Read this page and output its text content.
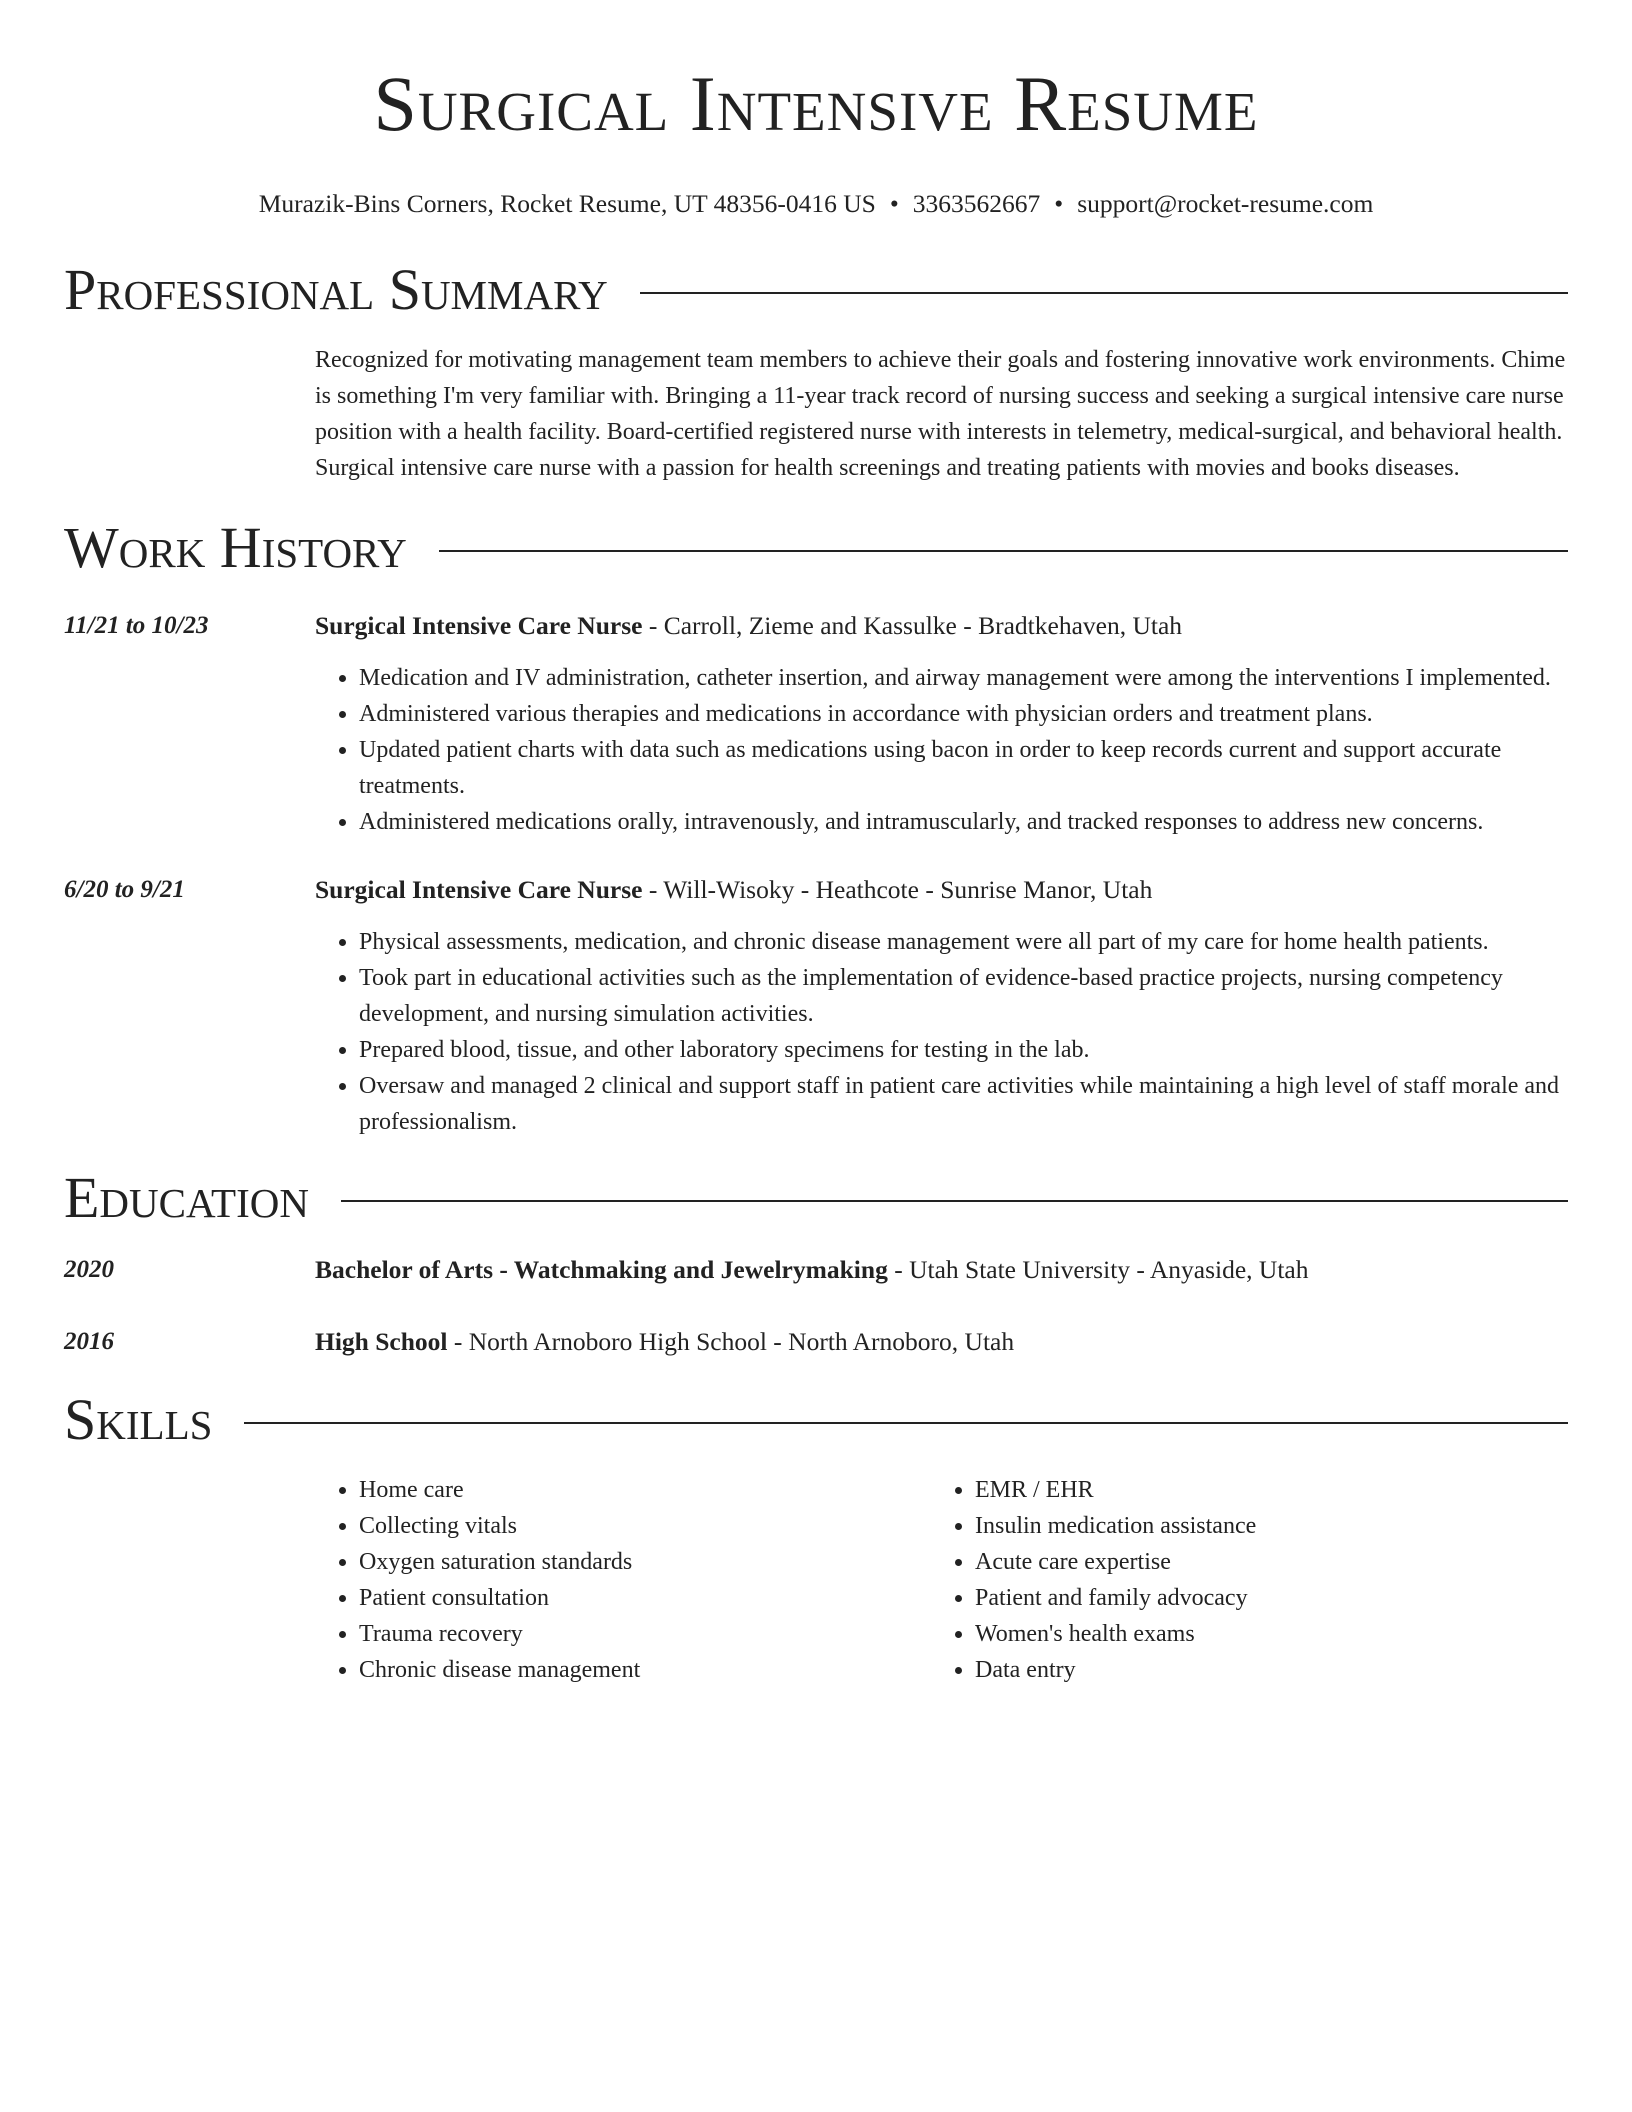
Surgical Intensive Resume
Murazik-Bins Corners, Rocket Resume, UT 48356-0416 US • 3363562667 • support@rocket-resume.com
Professional Summary
Recognized for motivating management team members to achieve their goals and fostering innovative work environments. Chime is something I'm very familiar with. Bringing a 11-year track record of nursing success and seeking a surgical intensive care nurse position with a health facility. Board-certified registered nurse with interests in telemetry, medical-surgical, and behavioral health. Surgical intensive care nurse with a passion for health screenings and treating patients with movies and books diseases.
Work History
11/21 to 10/23	Surgical Intensive Care Nurse - Carroll, Zieme and Kassulke - Bradtkehaven, Utah
• Medication and IV administration, catheter insertion, and airway management were among the interventions I implemented.
• Administered various therapies and medications in accordance with physician orders and treatment plans.
• Updated patient charts with data such as medications using bacon in order to keep records current and support accurate treatments.
• Administered medications orally, intravenously, and intramuscularly, and tracked responses to address new concerns.
6/20 to 9/21	Surgical Intensive Care Nurse - Will-Wisoky - Heathcote - Sunrise Manor, Utah
• Physical assessments, medication, and chronic disease management were all part of my care for home health patients.
• Took part in educational activities such as the implementation of evidence-based practice projects, nursing competency development, and nursing simulation activities.
• Prepared blood, tissue, and other laboratory specimens for testing in the lab.
• Oversaw and managed 2 clinical and support staff in patient care activities while maintaining a high level of staff morale and professionalism.
Education
2020	Bachelor of Arts - Watchmaking and Jewelrymaking - Utah State University - Anyaside, Utah
2016	High School - North Arnoboro High School - North Arnoboro, Utah
Skills
• Home care
• Collecting vitals
• Oxygen saturation standards
• Patient consultation
• Trauma recovery
• Chronic disease management
• EMR / EHR
• Insulin medication assistance
• Acute care expertise
• Patient and family advocacy
• Women's health exams
• Data entry
